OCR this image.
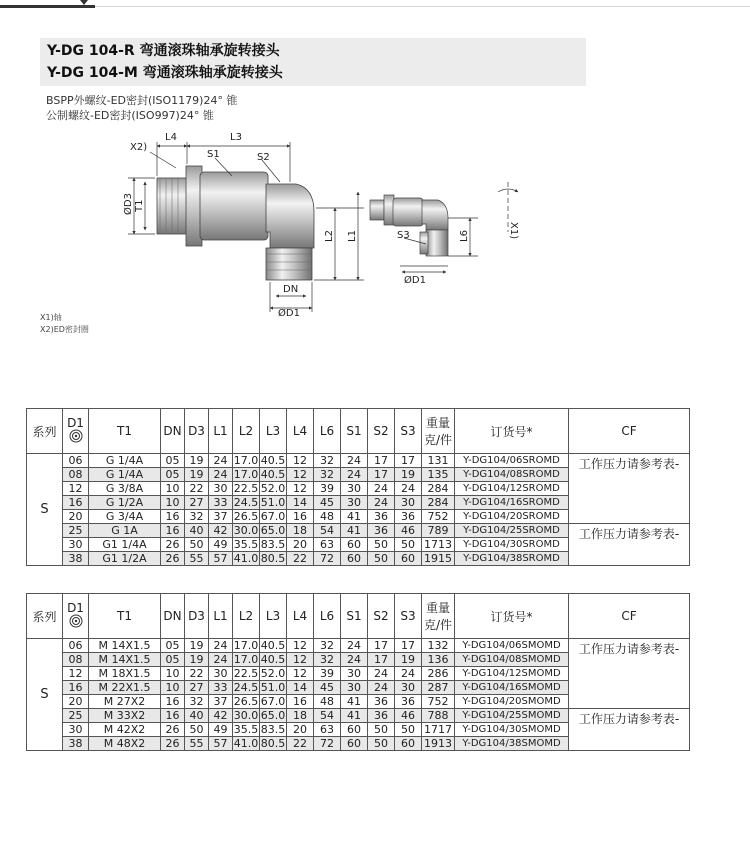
Y-DG 104-R 弯通滚珠轴承旋转接头
Y-DG 104-M 弯通滚珠轴承旋转接头
BSPP外螺纹-ED密封(ISO1179)24° 锥
公制螺纹-ED密封(ISO997)24° 锥
L4	L3
X2)
S1	S2
ØD3 T1
L2 L1
DN
ØD1
X1)
S3	L6
ØD1
X1)轴
X2)ED密封圈
系列	D1	T1	DN	D3	L1	L2	L3	L4	L6	S1	S2	S3	重量
克/件	订货号*	CF
S	06	G 1/4A	05	19	24	17.0	40.5	12	32	24	17	17	131	Y-DG104/06SROMD	工作压力请参考表-
	08	G 1/4A	05	19	24	17.0	40.5	12	32	24	17	19	135	Y-DG104/08SROMD	
	12	G 3/8A	10	22	30	22.5	52.0	12	39	30	24	24	284	Y-DG104/12SROMD	
	16	G 1/2A	10	27	33	24.5	51.0	14	45	30	24	30	284	Y-DG104/16SROMD	
	20	G 3/4A	16	32	37	26.5	67.0	16	48	41	36	36	752	Y-DG104/20SROMD	
	25	G 1A	16	40	42	30.0	65.0	18	54	41	36	46	789	Y-DG104/25SROMD	工作压力请参考表-
	30	G1 1/4A	26	50	49	35.5	83.5	20	63	60	50	50	1713	Y-DG104/30SROMD	
	38	G1 1/2A	26	55	57	41.0	80.5	22	72	60	50	60	1915	Y-DG104/38SROMD	
系列	D1	T1	DN	D3	L1	L2	L3	L4	L6	S1	S2	S3	重量
克/件	订货号*	CF
S	06	M 14X1.5	05	19	24	17.0	40.5	12	32	24	17	17	132	Y-DG104/06SMOMD	工作压力请参考表-
	08	M 14X1.5	05	19	24	17.0	40.5	12	32	24	17	19	136	Y-DG104/08SMOMD	
	12	M 18X1.5	10	22	30	22.5	52.0	12	39	30	24	24	286	Y-DG104/12SMOMD	
	16	M 22X1.5	10	27	33	24.5	51.0	14	45	30	24	30	287	Y-DG104/16SMOMD	
	20	M 27X2	16	32	37	26.5	67.0	16	48	41	36	36	752	Y-DG104/20SMOMD	
	25	M 33X2	16	40	42	30.0	65.0	18	54	41	36	46	788	Y-DG104/25SMOMD	工作压力请参考表-
	30	M 42X2	26	50	49	35.5	83.5	20	63	60	50	50	1717	Y-DG104/30SMOMD	
	38	M 48X2	26	55	57	41.0	80.5	22	72	60	50	60	1913	Y-DG104/38SMOMD	
